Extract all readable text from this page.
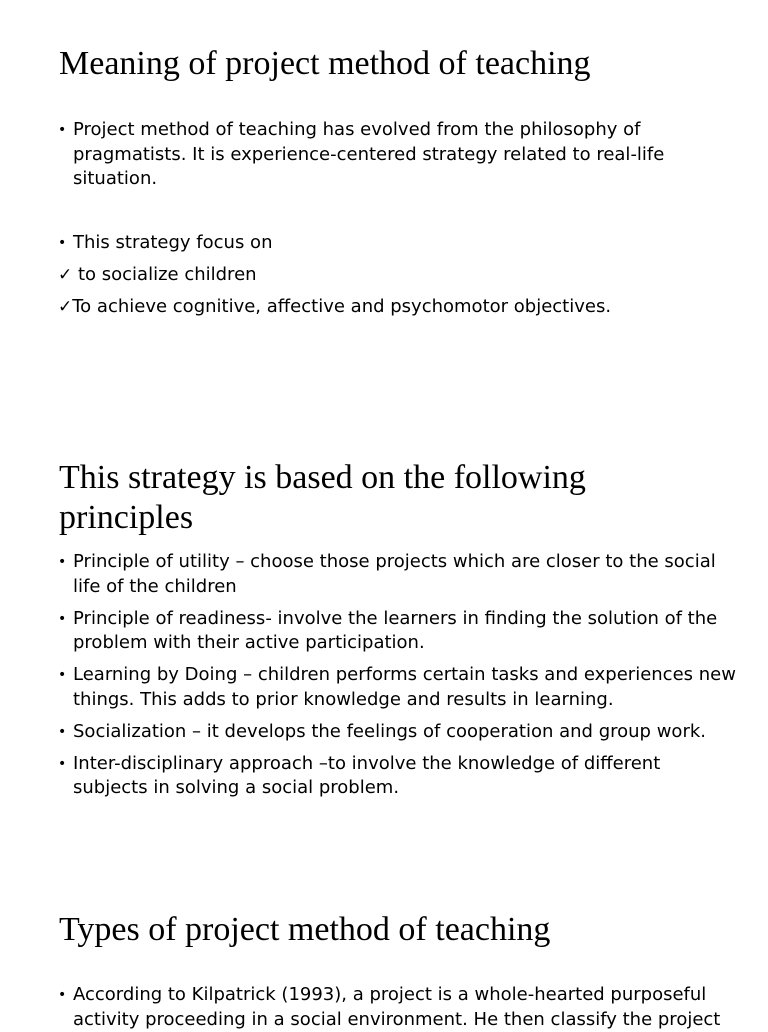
Meaning of project method of teaching
• Project method of teaching has evolved from the philosophy of pragmatists. It is experience-centered strategy related to real-life situation.
• This strategy focus on
✓ to socialize children
✓To achieve cognitive, affective and psychomotor objectives.
This strategy is based on the following principles
• Principle of utility – choose those projects which are closer to the social life of the children
• Principle of readiness- involve the learners in finding the solution of the problem with their active participation.
• Learning by Doing – children performs certain tasks and experiences new things. This adds to prior knowledge and results in learning.
• Socialization – it develops the feelings of cooperation and group work.
• Inter-disciplinary approach –to involve the knowledge of different subjects in solving a social problem.
Types of project method of teaching
• According to Kilpatrick (1993), a project is a whole-hearted purposeful activity proceeding in a social environment. He then classify the project
